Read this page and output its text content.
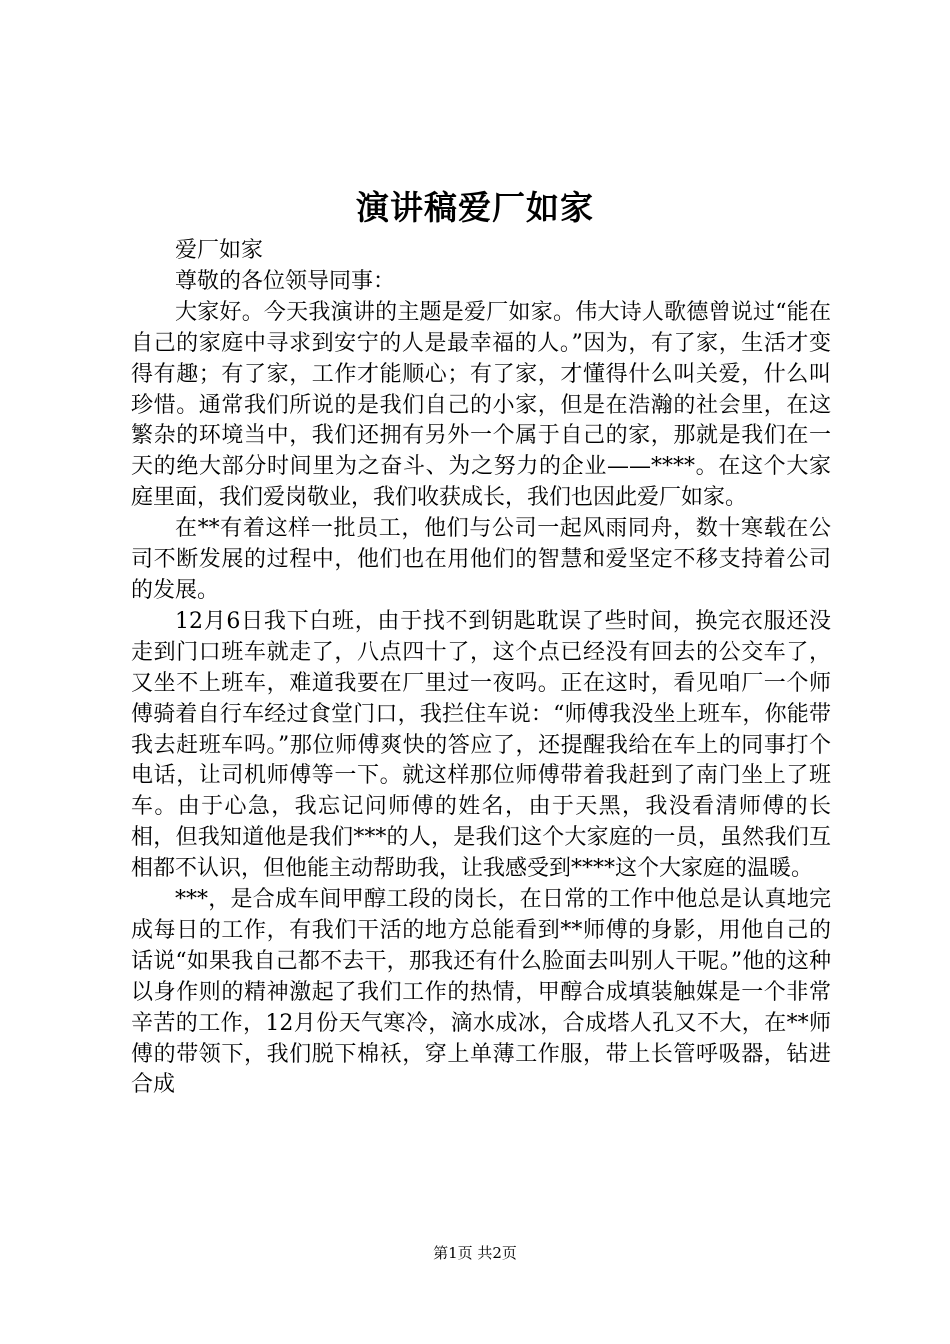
演讲稿爱厂如家

爱厂如家

尊敬的各位领导同事：

大家好。今天我演讲的主题是爱厂如家。伟大诗人歌德曾说过“能在自己的家庭中寻求到安宁的人是最幸福的人。”因为，有了家，生活才变得有趣；有了家，工作才能顺心；有了家，才懂得什么叫关爱，什么叫珍惜。通常我们所说的是我们自己的小家，但是在浩瀚的社会里，在这繁杂的环境当中，我们还拥有另外一个属于自己的家，那就是我们在一天的绝大部分时间里为之奋斗、为之努力的企业——****。在这个大家庭里面，我们爱岗敬业，我们收获成长，我们也因此爱厂如家。

在**有着这样一批员工，他们与公司一起风雨同舟，数十寒载在公司不断发展的过程中，他们也在用他们的智慧和爱坚定不移支持着公司的发展。

12月6日我下白班，由于找不到钥匙耽误了些时间，换完衣服还没走到门口班车就走了，八点四十了，这个点已经没有回去的公交车了，又坐不上班车，难道我要在厂里过一夜吗。正在这时，看见咱厂一个师傅骑着自行车经过食堂门口，我拦住车说：“师傅我没坐上班车，你能带我去赶班车吗。”那位师傅爽快的答应了，还提醒我给在车上的同事打个电话，让司机师傅等一下。就这样那位师傅带着我赶到了南门坐上了班车。由于心急，我忘记问师傅的姓名，由于天黑，我没看清师傅的长相，但我知道他是我们***的人，是我们这个大家庭的一员，虽然我们互相都不认识，但他能主动帮助我，让我感受到****这个大家庭的温暖。

***，是合成车间甲醇工段的岗长，在日常的工作中他总是认真地完成每日的工作，有我们干活的地方总能看到**师傅的身影，用他自己的话说“如果我自己都不去干，那我还有什么脸面去叫别人干呢。”他的这种以身作则的精神激起了我们工作的热情，甲醇合成填装触媒是一个非常辛苦的工作，12月份天气寒冷，滴水成冰，合成塔人孔又不大，在**师傅的带领下，我们脱下棉袄，穿上单薄工作服，带上长管呼吸器，钻进合成

第1页 共2页
